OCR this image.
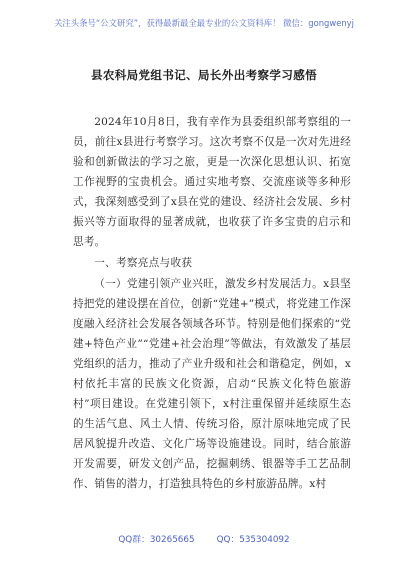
关注头条号“公文研究”，获得最新最全最专业的公文资料库！ 微信：gongwenyj
县农科局党组书记、局长外出考察学习感悟

2024年10月8日，我有幸作为县委组织部考察组的一员，前往x县进行考察学习。这次考察不仅是一次对先进经验和创新做法的学习之旅，更是一次深化思想认识、拓宽工作视野的宝贵机会。通过实地考察、交流座谈等多种形式，我深刻感受到了x县在党的建设、经济社会发展、乡村振兴等方面取得的显著成就，也收获了许多宝贵的启示和思考。

一、考察亮点与收获

（一）党建引领产业兴旺，激发乡村发展活力。x县坚持把党的建设摆在首位，创新“党建+”模式，将党建工作深度融入经济社会发展各领域各环节。特别是他们探索的“党建+特色产业”“党建+社会治理”等做法，有效激发了基层党组织的活力，推动了产业升级和社会和谐稳定，例如，x村依托丰富的民族文化资源，启动“民族文化特色旅游村”项目建设。在党建引领下，x村注重保留并延续原生态的生活气息、风土人情、传统习俗，原汁原味地完成了民居风貌提升改造、文化广场等设施建设。同时，结合旅游开发需要，研发文创产品，挖掘刺绣、银器等手工艺品制作、销售的潜力，打造独具特色的乡村旅游品牌。x村

QQ群：30265665	QQ：535304092
